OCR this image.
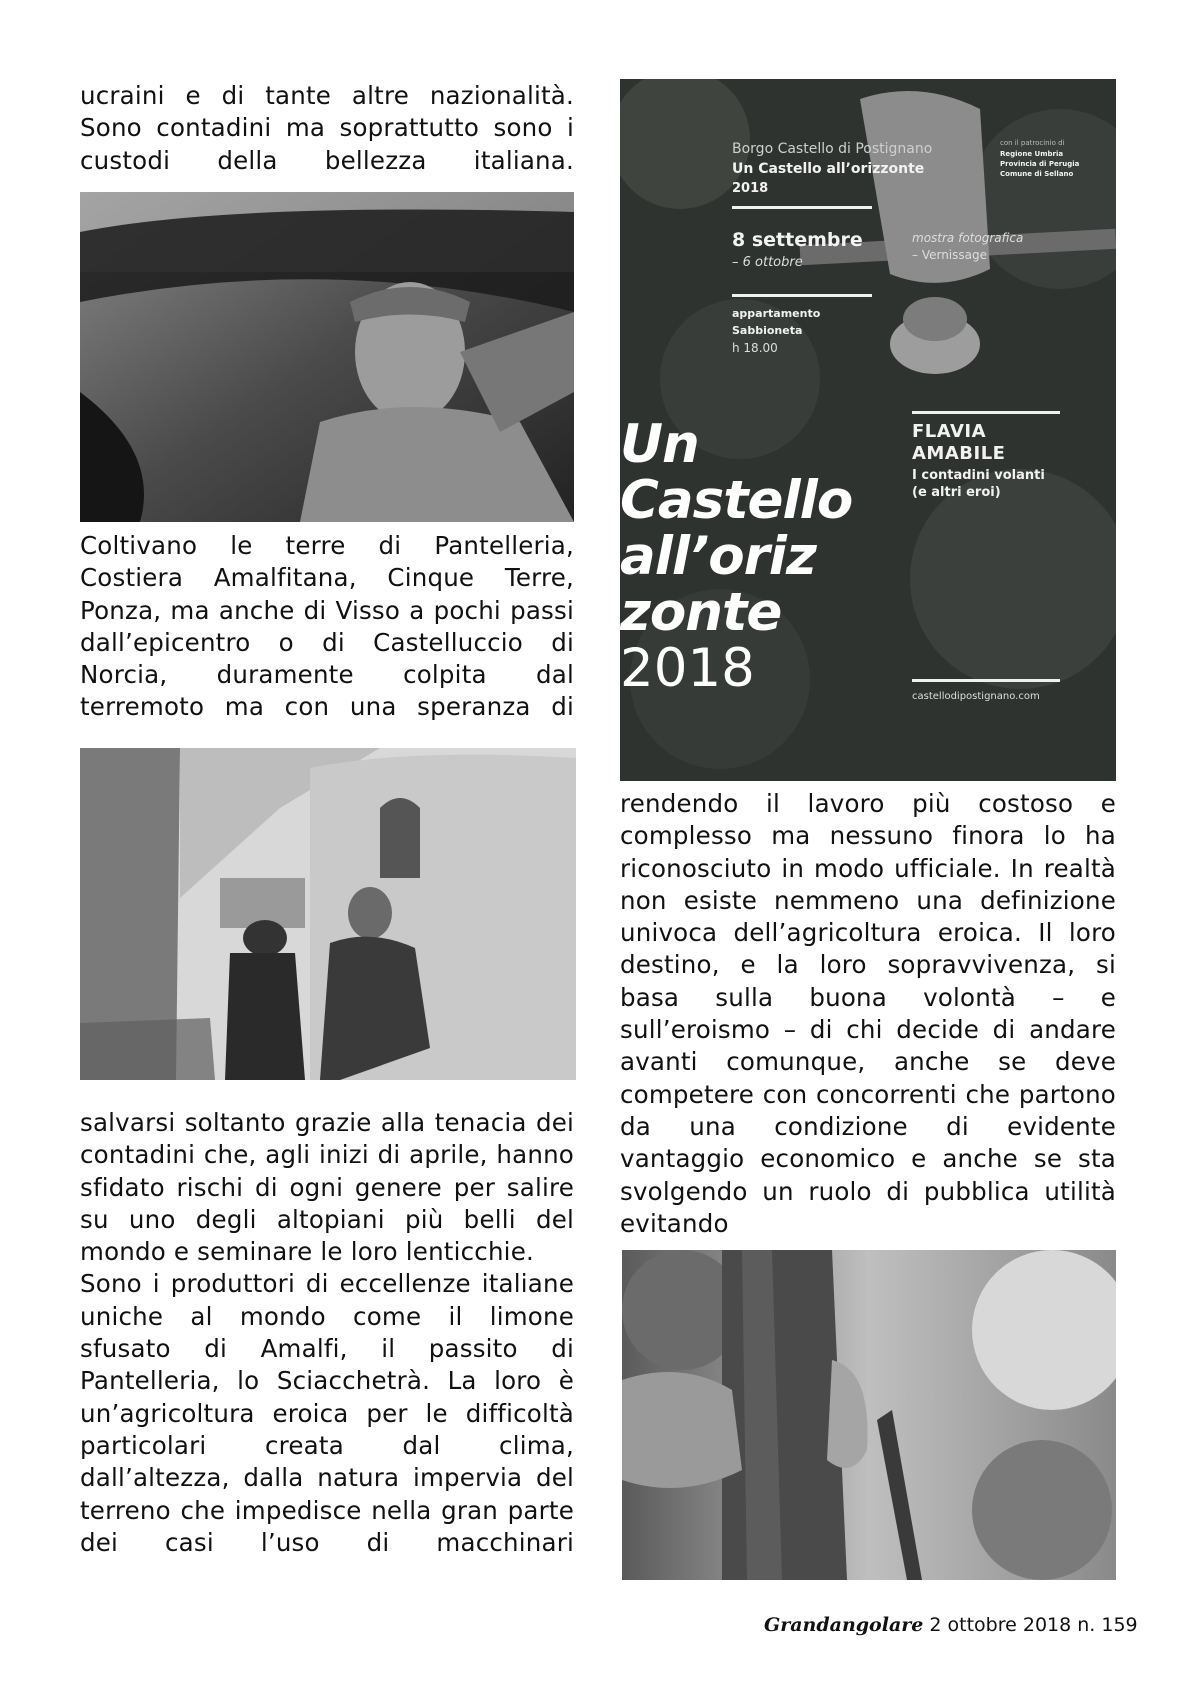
ucraini e di tante altre nazionalità. Sono contadini ma soprattutto sono i custodi della bellezza italiana.

Coltivano le terre di Pantelleria, Costiera Amalfitana, Cinque Terre, Ponza, ma anche di Visso a pochi passi dall’epicentro o di Castelluccio di Norcia, duramente colpita dal terremoto ma con una speranza di

salvarsi soltanto grazie alla tenacia dei contadini che, agli inizi di aprile, hanno sfidato rischi di ogni genere per salire su uno degli altopiani più belli del mondo e seminare le loro lenticchie.

Sono i produttori di eccellenze italiane uniche al mondo come il limone sfusato di Amalfi, il passito di Pantelleria, lo Sciacchetrà. La loro è un’agricoltura eroica per le difficoltà particolari creata dal clima, dall’altezza, dalla natura impervia del terreno che impedisce nella gran parte dei casi l’uso di macchinari

Borgo Castello di Postignano
Un Castello all’orizzonte
2018
con il patrocinio di
Regione Umbria
Provincia di Perugia
Comune di Sellano
8 settembre
– 6 ottobre
mostra fotografica
– Vernissage
appartamento
Sabbioneta
h 18.00
Un
Castello
all’oriz
zonte
2018
FLAVIA
AMABILE
I contadini volanti
(e altri eroi)
castellodipostignano.com

rendendo il lavoro più costoso e complesso ma nessuno finora lo ha riconosciuto in modo ufficiale. In realtà non esiste nemmeno una definizione univoca dell’agricoltura eroica. Il loro destino, e la loro sopravvivenza, si basa sulla buona volontà – e sull’eroismo – di chi decide di andare avanti comunque, anche se deve competere con concorrenti che partono da una condizione di evidente vantaggio economico e anche se sta svolgendo un ruolo di pubblica utilità evitando

Grandangolare 2 ottobre 2018 n. 159
